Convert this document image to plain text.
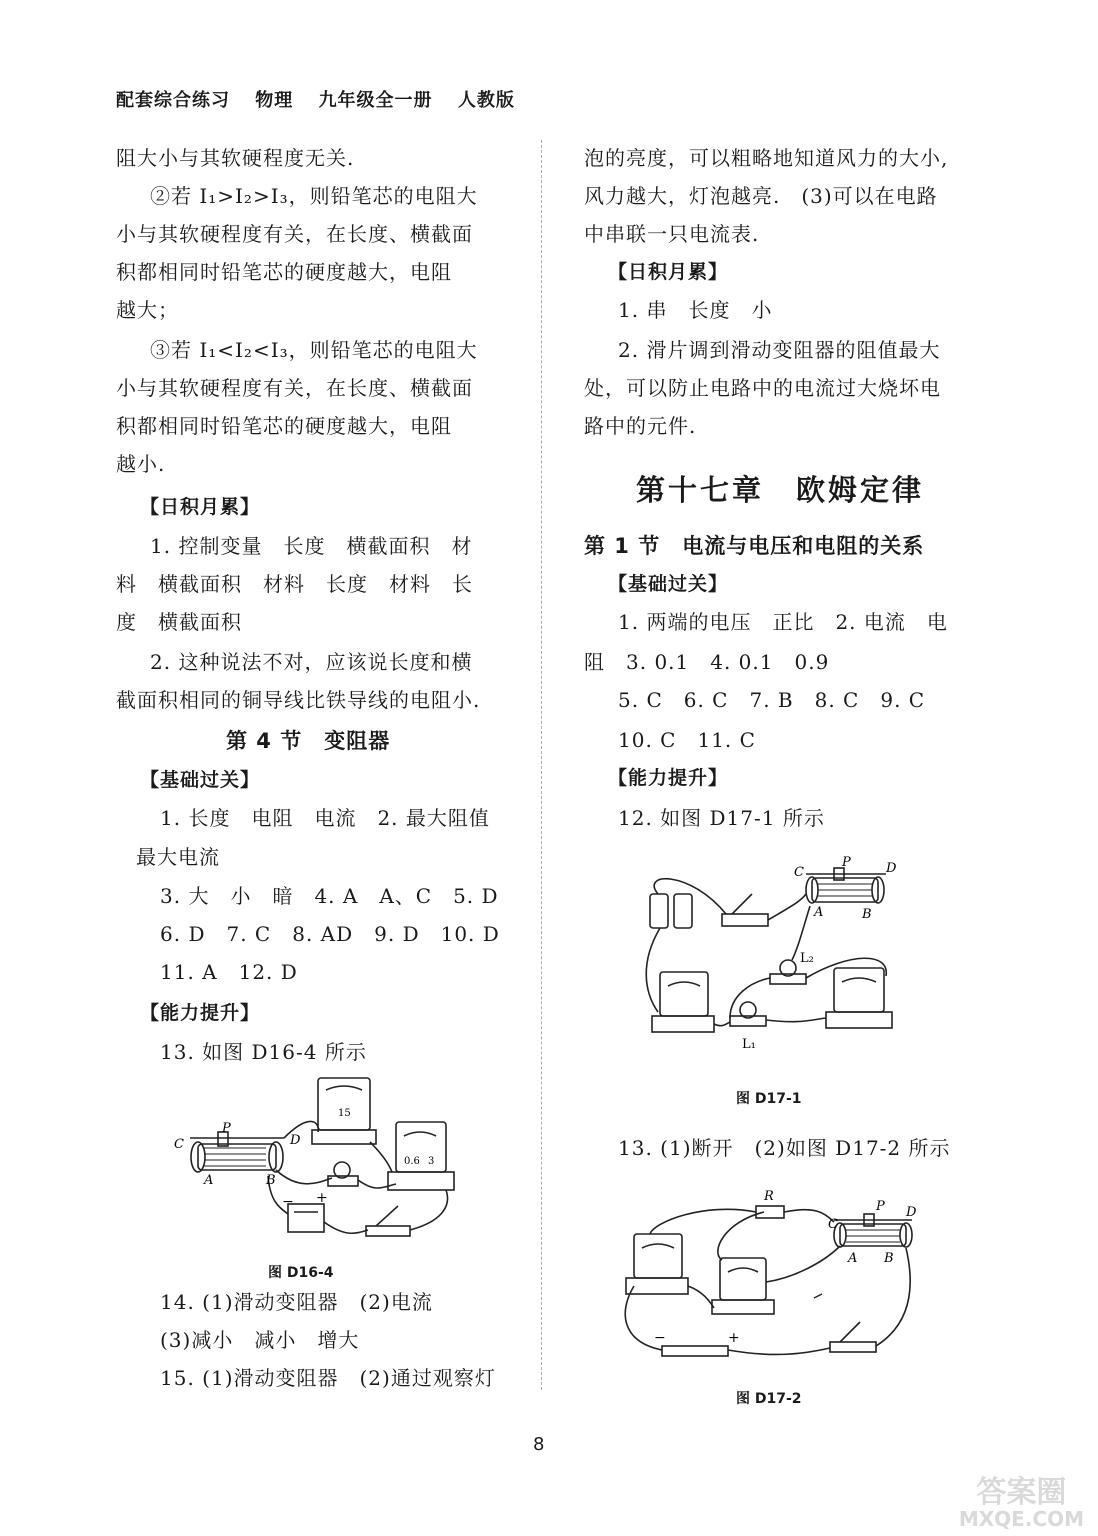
配套综合练习 物理 九年级全一册 人教版
阻大小与其软硬程度无关.
②若 I₁>I₂>I₃，则铅笔芯的电阻大
小与其软硬程度有关，在长度、横截面
积都相同时铅笔芯的硬度越大，电阻
越大；
③若 I₁<I₂<I₃，则铅笔芯的电阻大
小与其软硬程度有关，在长度、横截面
积都相同时铅笔芯的硬度越大，电阻
越小.
【日积月累】
1. 控制变量　长度　横截面积　材
料　横截面积　材料　长度　材料　长
度　横截面积
2. 这种说法不对，应该说长度和横
截面积相同的铜导线比铁导线的电阻小.
第 4 节　变阻器
【基础过关】
1. 长度　电阻　电流　2. 最大阻值
最大电流
3. 大　小　暗　4. A　A、C　5. D
6. D　7. C　8. AD　9. D　10. D
11. A　12. D
【能力提升】
13. 如图 D16-4 所示
C
P
D
A	B
15
0.6 3
− +
图 D16-4
14. (1)滑动变阻器　(2)电流
(3)减小　减小　增大
15. (1)滑动变阻器　(2)通过观察灯
泡的亮度，可以粗略地知道风力的大小,
风力越大，灯泡越亮.　(3)可以在电路
中串联一只电流表.
【日积月累】
1. 串　长度　小
2. 滑片调到滑动变阻器的阻值最大
处，可以防止电路中的电流过大烧坏电
路中的元件.
第十七章　欧姆定律
第 1 节　电流与电压和电阻的关系
【基础过关】
1. 两端的电压　正比　2. 电流　电
阻　3. 0.1　4. 0.1　0.9
5. C　6. C　7. B　8. C　9. C
10. C　11. C
【能力提升】
12. 如图 D17-1 所示
C
P	D
A	B
L₂
L₁
图 D17-1
13. (1)断开　(2)如图 D17-2 所示
R
C
P D
A B
−	+
图 D17-2
8
答案圈
MXQE.COM
